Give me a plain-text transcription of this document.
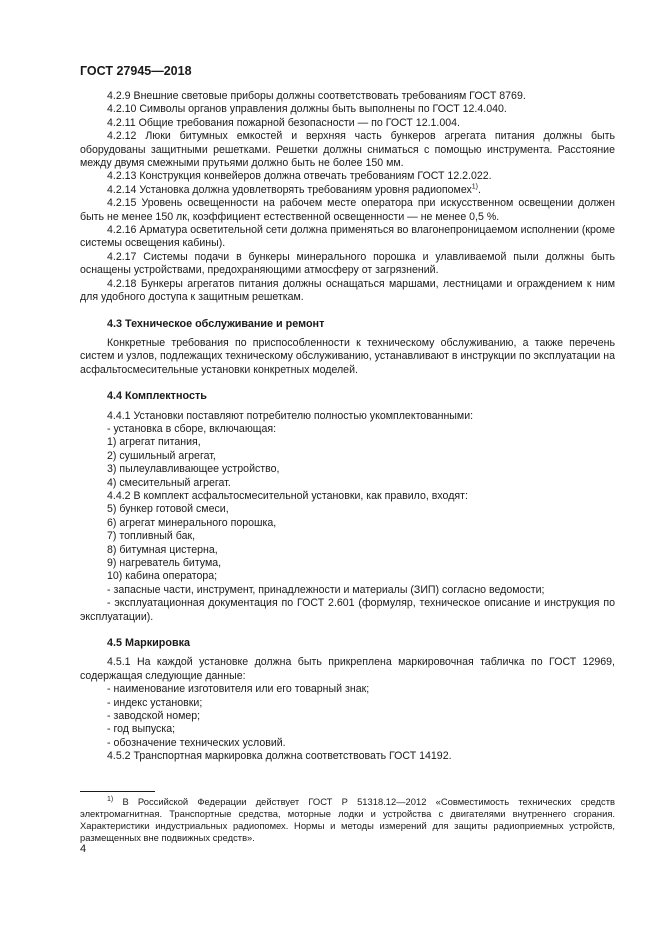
ГОСТ 27945—2018

4.2.9 Внешние световые приборы должны соответствовать требованиям ГОСТ 8769.

4.2.10 Символы органов управления должны быть выполнены по ГОСТ 12.4.040.

4.2.11 Общие требования пожарной безопасности — по ГОСТ 12.1.004.

4.2.12 Люки битумных емкостей и верхняя часть бункеров агрегата питания должны быть оборудованы защитными решетками. Решетки должны сниматься с помощью инструмента. Расстояние между двумя смежными прутьями должно быть не более 150 мм.

4.2.13 Конструкция конвейеров должна отвечать требованиям ГОСТ 12.2.022.

4.2.14 Установка должна удовлетворять требованиям уровня радиопомех$^{1)}$.

4.2.15 Уровень освещенности на рабочем месте оператора при искусственном освещении должен быть не менее 150 лк, коэффициент естественной освещенности — не менее 0,5 %.

4.2.16 Арматура осветительной сети должна применяться во влагонепроницаемом исполнении (кроме системы освещения кабины).

4.2.17 Системы подачи в бункеры минерального порошка и улавливаемой пыли должны быть оснащены устройствами, предохраняющими атмосферу от загрязнений.

4.2.18 Бункеры агрегатов питания должны оснащаться маршами, лестницами и ограждением к ним для удобного доступа к защитным решеткам.

4.3 Техническое обслуживание и ремонт

Конкретные требования по приспособленности к техническому обслуживанию, а также перечень систем и узлов, подлежащих техническому обслуживанию, устанавливают в инструкции по эксплуатации на асфальтосмесительные установки конкретных моделей.

4.4 Комплектность

4.4.1 Установки поставляют потребителю полностью укомплектованными:

- установка в сборе, включающая:

1) агрегат питания,

2) сушильный агрегат,

3) пылеулавливающее устройство,

4) смесительный агрегат.

4.4.2 В комплект асфальтосмесительной установки, как правило, входят:

5) бункер готовой смеси,

6) агрегат минерального порошка,

7) топливный бак,

8) битумная цистерна,

9) нагреватель битума,

10) кабина оператора;

- запасные части, инструмент, принадлежности и материалы (ЗИП) согласно ведомости;

- эксплуатационная документация по ГОСТ 2.601 (формуляр, техническое описание и инструкция по эксплуатации).

4.5 Маркировка

4.5.1 На каждой установке должна быть прикреплена маркировочная табличка по ГОСТ 12969, содержащая следующие данные:

- наименование изготовителя или его товарный знак;

- индекс установки;

- заводской номер;

- год выпуска;

- обозначение технических условий.

4.5.2 Транспортная маркировка должна соответствовать ГОСТ 14192.

$^{1)}$ В Российской Федерации действует ГОСТ Р 51318.12—2012 «Совместимость технических средств электромагнитная. Транспортные средства, моторные лодки и устройства с двигателями внутреннего сгорания. Характеристики индустриальных радиопомех. Нормы и методы измерений для защиты радиоприемных устройств, размещенных вне подвижных средств».

4
